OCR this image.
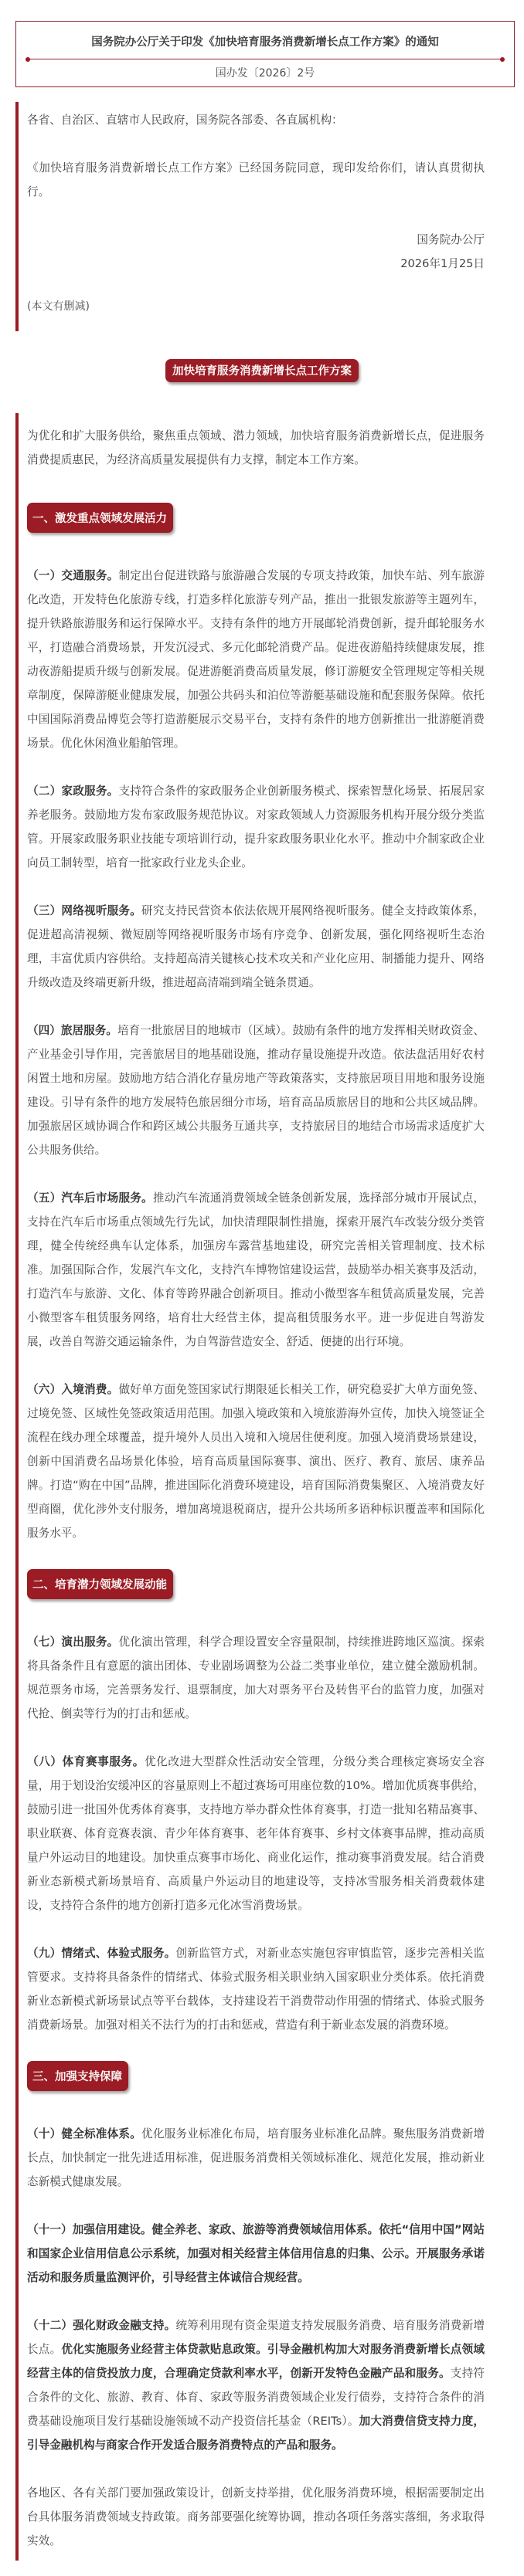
国务院办公厅关于印发《加快培育服务消费新增长点工作方案》的通知
国办发〔2026〕2号

各省、自治区、直辖市人民政府，国务院各部委、各直属机构：

《加快培育服务消费新增长点工作方案》已经国务院同意，现印发给你们，请认真贯彻执行。

国务院办公厅

2026年1月25日

(本文有删减)

加快培育服务消费新增长点工作方案

为优化和扩大服务供给，聚焦重点领域、潜力领域，加快培育服务消费新增长点，促进服务消费提质惠民，为经济高质量发展提供有力支撑，制定本工作方案。

一、激发重点领域发展活力

（一）交通服务。制定出台促进铁路与旅游融合发展的专项支持政策，加快车站、列车旅游化改造，开发特色化旅游专线，打造多样化旅游专列产品，推出一批银发旅游等主题列车，提升铁路旅游服务和运行保障水平。支持有条件的地方开展邮轮消费创新，提升邮轮服务水平，打造融合消费场景，开发沉浸式、多元化邮轮消费产品。促进夜游船持续健康发展，推动夜游船提质升级与创新发展。促进游艇消费高质量发展，修订游艇安全管理规定等相关规章制度，保障游艇业健康发展，加强公共码头和泊位等游艇基础设施和配套服务保障。依托中国国际消费品博览会等打造游艇展示交易平台，支持有条件的地方创新推出一批游艇消费场景。优化休闲渔业船舶管理。

（二）家政服务。支持符合条件的家政服务企业创新服务模式、探索智慧化场景、拓展居家养老服务。鼓励地方发布家政服务规范协议。对家政领域人力资源服务机构开展分级分类监管。开展家政服务职业技能专项培训行动，提升家政服务职业化水平。推动中介制家政企业向员工制转型，培育一批家政行业龙头企业。

（三）网络视听服务。研究支持民营资本依法依规开展网络视听服务。健全支持政策体系，促进超高清视频、微短剧等网络视听服务市场有序竞争、创新发展，强化网络视听生态治理，丰富优质内容供给。支持超高清关键核心技术攻关和产业化应用、制播能力提升、网络升级改造及终端更新升级，推进超高清端到端全链条贯通。

（四）旅居服务。培育一批旅居目的地城市（区域）。鼓励有条件的地方发挥相关财政资金、产业基金引导作用，完善旅居目的地基础设施，推动存量设施提升改造。依法盘活用好农村闲置土地和房屋。鼓励地方结合消化存量房地产等政策落实，支持旅居项目用地和服务设施建设。引导有条件的地方发展特色旅居细分市场，培育高品质旅居目的地和公共区域品牌。加强旅居区域协调合作和跨区域公共服务互通共享，支持旅居目的地结合市场需求适度扩大公共服务供给。

（五）汽车后市场服务。推动汽车流通消费领域全链条创新发展，选择部分城市开展试点，支持在汽车后市场重点领域先行先试，加快清理限制性措施，探索开展汽车改装分级分类管理，健全传统经典车认定体系，加强房车露营基地建设，研究完善相关管理制度、技术标准。加强国际合作，发展汽车文化，支持汽车博物馆建设运营，鼓励举办相关赛事及活动，打造汽车与旅游、文化、体育等跨界融合创新项目。推动小微型客车租赁高质量发展，完善小微型客车租赁服务网络，培育壮大经营主体，提高租赁服务水平。进一步促进自驾游发展，改善自驾游交通运输条件，为自驾游营造安全、舒适、便捷的出行环境。

（六）入境消费。做好单方面免签国家试行期限延长相关工作，研究稳妥扩大单方面免签、过境免签、区域性免签政策适用范围。加强入境政策和入境旅游海外宣传，加快入境签证全流程在线办理全球覆盖，提升境外人员出入境和入境居住便利度。加强入境消费场景建设，创新中国消费名品场景化体验，培育高质量国际赛事、演出、医疗、教育、旅居、康养品牌。打造“购在中国”品牌，推进国际化消费环境建设，培育国际消费集聚区、入境消费友好型商圈，优化涉外支付服务，增加离境退税商店，提升公共场所多语种标识覆盖率和国际化服务水平。

二、培育潜力领域发展动能

（七）演出服务。优化演出管理，科学合理设置安全容量限制，持续推进跨地区巡演。探索将具备条件且有意愿的演出团体、专业剧场调整为公益二类事业单位，建立健全激励机制。规范票务市场，完善票务发行、退票制度，加大对票务平台及转售平台的监管力度，加强对代抢、倒卖等行为的打击和惩戒。

（八）体育赛事服务。优化改进大型群众性活动安全管理，分级分类合理核定赛场安全容量，用于划设治安缓冲区的容量原则上不超过赛场可用座位数的10%。增加优质赛事供给，鼓励引进一批国外优秀体育赛事，支持地方举办群众性体育赛事，打造一批知名精品赛事、职业联赛、体育竞赛表演、青少年体育赛事、老年体育赛事、乡村文体赛事品牌，推动高质量户外运动目的地建设。加快重点赛事市场化、商业化运作，推动赛事消费发展。结合消费新业态新模式新场景培育、高质量户外运动目的地建设等，支持冰雪服务相关消费载体建设，支持符合条件的地方创新打造多元化冰雪消费场景。

（九）情绪式、体验式服务。创新监管方式，对新业态实施包容审慎监管，逐步完善相关监管要求。支持将具备条件的情绪式、体验式服务相关职业纳入国家职业分类体系。依托消费新业态新模式新场景试点等平台载体，支持建设若干消费带动作用强的情绪式、体验式服务消费新场景。加强对相关不法行为的打击和惩戒，营造有利于新业态发展的消费环境。

三、加强支持保障

（十）健全标准体系。优化服务业标准化布局，培育服务业标准化品牌。聚焦服务消费新增长点，加快制定一批先进适用标准，促进服务消费相关领域标准化、规范化发展，推动新业态新模式健康发展。

（十一）加强信用建设。健全养老、家政、旅游等消费领域信用体系。依托“信用中国”网站和国家企业信用信息公示系统，加强对相关经营主体信用信息的归集、公示。开展服务承诺活动和服务质量监测评价，引导经营主体诚信合规经营。

（十二）强化财政金融支持。统筹利用现有资金渠道支持发展服务消费、培育服务消费新增长点。优化实施服务业经营主体贷款贴息政策。引导金融机构加大对服务消费新增长点领域经营主体的信贷投放力度，合理确定贷款利率水平，创新开发特色金融产品和服务。支持符合条件的文化、旅游、教育、体育、家政等服务消费领域企业发行债券，支持符合条件的消费基础设施项目发行基础设施领域不动产投资信托基金（REITs）。加大消费信贷支持力度，引导金融机构与商家合作开发适合服务消费特点的产品和服务。

各地区、各有关部门要加强政策设计，创新支持举措，优化服务消费环境，根据需要制定出台具体服务消费领域支持政策。商务部要强化统筹协调，推动各项任务落实落细，务求取得实效。
